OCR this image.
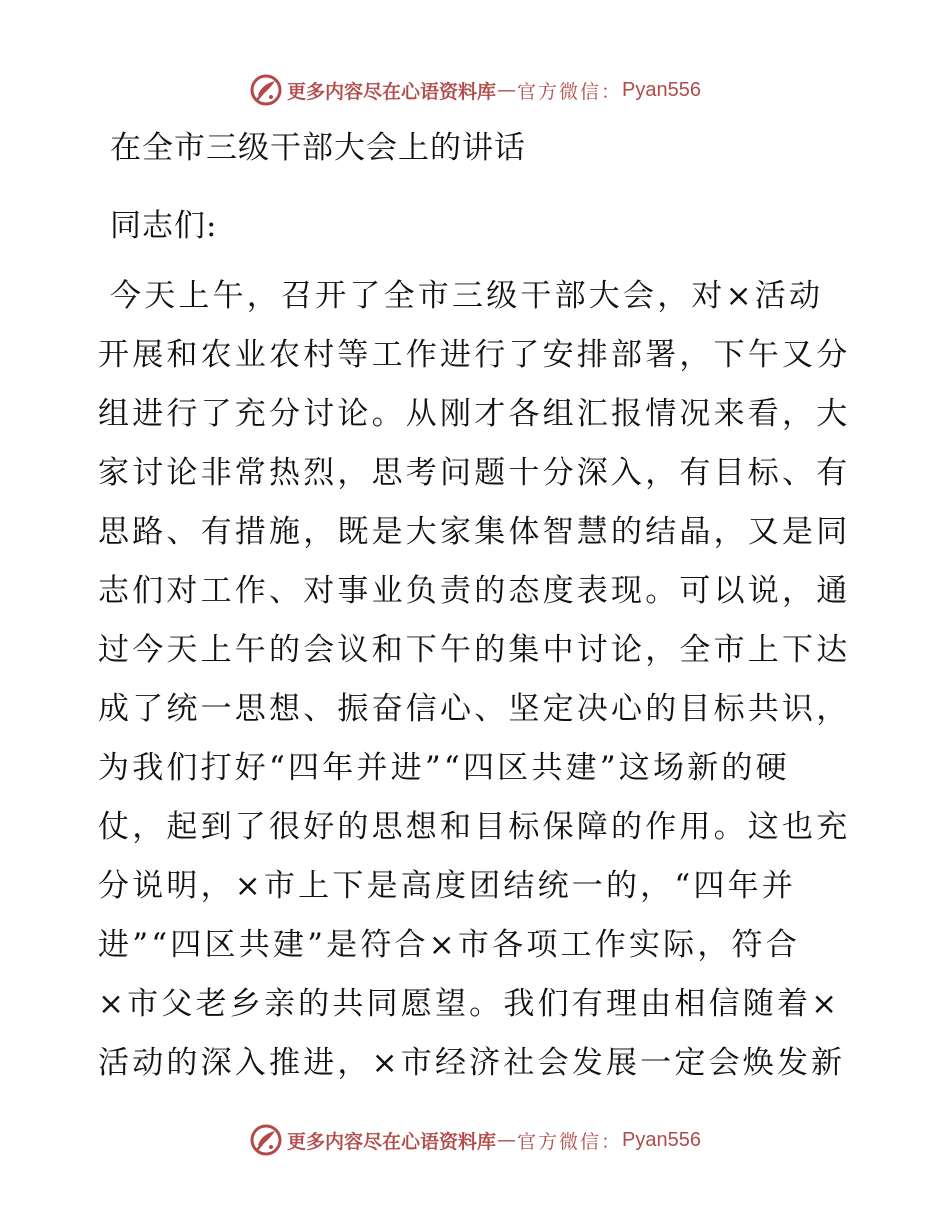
更多内容尽在心语资料库 — 官方微信： Pyan556
在全市三级干部大会上的讲话
同志们:
今天上午，召开了全市三级干部大会，对×活动
开展和农业农村等工作进行了安排部署，下午又分
组进行了充分讨论。从刚才各组汇报情况来看，大
家讨论非常热烈，思考问题十分深入，有目标、有
思路、有措施，既是大家集体智慧的结晶，又是同
志们对工作、对事业负责的态度表现。可以说，通
过今天上午的会议和下午的集中讨论，全市上下达
成了统一思想、振奋信心、坚定决心的目标共识，
为我们打好“四年并进”“四区共建”这场新的硬
仗，起到了很好的思想和目标保障的作用。这也充
分说明，×市上下是高度团结统一的，“四年并
进”“四区共建”是符合×市各项工作实际，符合
×市父老乡亲的共同愿望。我们有理由相信随着×
活动的深入推进，×市经济社会发展一定会焕发新
更多内容尽在心语资料库 — 官方微信： Pyan556
